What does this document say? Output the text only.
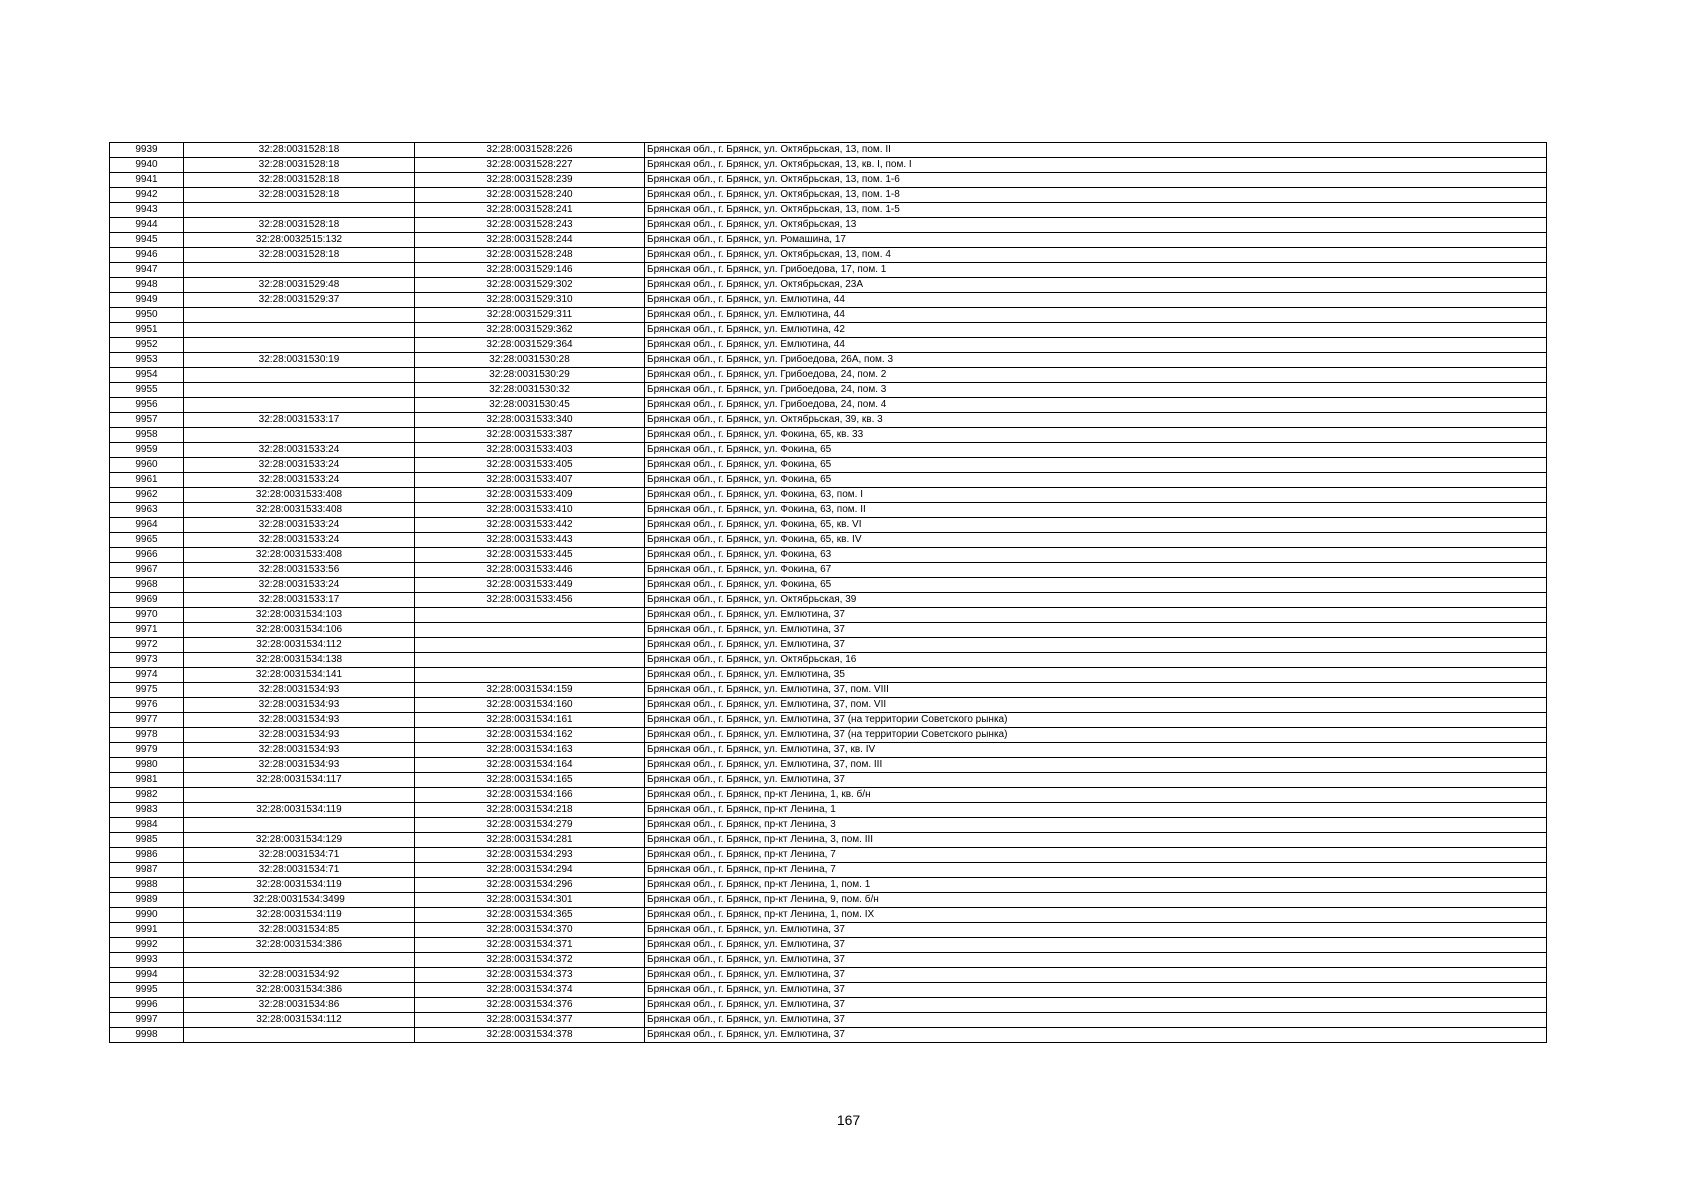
9939	32:28:0031528:18	32:28:0031528:226	Брянская обл., г. Брянск, ул. Октябрьская, 13, пом. II
9940	32:28:0031528:18	32:28:0031528:227	Брянская обл., г. Брянск, ул. Октябрьская, 13, кв. I, пом. I
9941	32:28:0031528:18	32:28:0031528:239	Брянская обл., г. Брянск, ул. Октябрьская, 13, пом. 1-6
9942	32:28:0031528:18	32:28:0031528:240	Брянская обл., г. Брянск, ул. Октябрьская, 13, пом. 1-8
9943		32:28:0031528:241	Брянская обл., г. Брянск, ул. Октябрьская, 13, пом. 1-5
9944	32:28:0031528:18	32:28:0031528:243	Брянская обл., г. Брянск, ул. Октябрьская, 13
9945	32:28:0032515:132	32:28:0031528:244	Брянская обл., г. Брянск, ул. Ромашина, 17
9946	32:28:0031528:18	32:28:0031528:248	Брянская обл., г. Брянск, ул. Октябрьская, 13, пом. 4
9947		32:28:0031529:146	Брянская обл., г. Брянск, ул. Грибоедова, 17, пом. 1
9948	32:28:0031529:48	32:28:0031529:302	Брянская обл., г. Брянск, ул. Октябрьская, 23А
9949	32:28:0031529:37	32:28:0031529:310	Брянская обл., г. Брянск, ул. Емлютина, 44
9950		32:28:0031529:311	Брянская обл., г. Брянск, ул. Емлютина, 44
9951		32:28:0031529:362	Брянская обл., г. Брянск, ул. Емлютина, 42
9952		32:28:0031529:364	Брянская обл., г. Брянск, ул. Емлютина, 44
9953	32:28:0031530:19	32:28:0031530:28	Брянская обл., г. Брянск, ул. Грибоедова, 26А, пом. 3
9954		32:28:0031530:29	Брянская обл., г. Брянск, ул. Грибоедова, 24, пом. 2
9955		32:28:0031530:32	Брянская обл., г. Брянск, ул. Грибоедова, 24, пом. 3
9956		32:28:0031530:45	Брянская обл., г. Брянск, ул. Грибоедова, 24, пом. 4
9957	32:28:0031533:17	32:28:0031533:340	Брянская обл., г. Брянск, ул. Октябрьская, 39, кв. 3
9958		32:28:0031533:387	Брянская обл., г. Брянск, ул. Фокина, 65, кв. 33
9959	32:28:0031533:24	32:28:0031533:403	Брянская обл., г. Брянск, ул. Фокина, 65
9960	32:28:0031533:24	32:28:0031533:405	Брянская обл., г. Брянск, ул. Фокина, 65
9961	32:28:0031533:24	32:28:0031533:407	Брянская обл., г. Брянск, ул. Фокина, 65
9962	32:28:0031533:408	32:28:0031533:409	Брянская обл., г. Брянск, ул. Фокина, 63, пом. I
9963	32:28:0031533:408	32:28:0031533:410	Брянская обл., г. Брянск, ул. Фокина, 63, пом. II
9964	32:28:0031533:24	32:28:0031533:442	Брянская обл., г. Брянск, ул. Фокина, 65, кв. VI
9965	32:28:0031533:24	32:28:0031533:443	Брянская обл., г. Брянск, ул. Фокина, 65, кв. IV
9966	32:28:0031533:408	32:28:0031533:445	Брянская обл., г. Брянск, ул. Фокина, 63
9967	32:28:0031533:56	32:28:0031533:446	Брянская обл., г. Брянск, ул. Фокина, 67
9968	32:28:0031533:24	32:28:0031533:449	Брянская обл., г. Брянск, ул. Фокина, 65
9969	32:28:0031533:17	32:28:0031533:456	Брянская обл., г. Брянск, ул. Октябрьская, 39
9970	32:28:0031534:103		Брянская обл., г. Брянск, ул. Емлютина, 37
9971	32:28:0031534:106		Брянская обл., г. Брянск, ул. Емлютина, 37
9972	32:28:0031534:112		Брянская обл., г. Брянск, ул. Емлютина, 37
9973	32:28:0031534:138		Брянская обл., г. Брянск, ул. Октябрьская, 16
9974	32:28:0031534:141		Брянская обл., г. Брянск, ул. Емлютина, 35
9975	32:28:0031534:93	32:28:0031534:159	Брянская обл., г. Брянск, ул. Емлютина, 37, пом. VIII
9976	32:28:0031534:93	32:28:0031534:160	Брянская обл., г. Брянск, ул. Емлютина, 37, пом. VII
9977	32:28:0031534:93	32:28:0031534:161	Брянская обл., г. Брянск, ул. Емлютина, 37 (на территории Советского рынка)
9978	32:28:0031534:93	32:28:0031534:162	Брянская обл., г. Брянск, ул. Емлютина, 37 (на территории Советского рынка)
9979	32:28:0031534:93	32:28:0031534:163	Брянская обл., г. Брянск, ул. Емлютина, 37, кв. IV
9980	32:28:0031534:93	32:28:0031534:164	Брянская обл., г. Брянск, ул. Емлютина, 37, пом. III
9981	32:28:0031534:117	32:28:0031534:165	Брянская обл., г. Брянск, ул. Емлютина, 37
9982		32:28:0031534:166	Брянская обл., г. Брянск, пр-кт Ленина, 1, кв. б/н
9983	32:28:0031534:119	32:28:0031534:218	Брянская обл., г. Брянск, пр-кт Ленина, 1
9984		32:28:0031534:279	Брянская обл., г. Брянск, пр-кт Ленина, 3
9985	32:28:0031534:129	32:28:0031534:281	Брянская обл., г. Брянск, пр-кт Ленина, 3, пом. III
9986	32:28:0031534:71	32:28:0031534:293	Брянская обл., г. Брянск, пр-кт Ленина, 7
9987	32:28:0031534:71	32:28:0031534:294	Брянская обл., г. Брянск, пр-кт Ленина, 7
9988	32:28:0031534:119	32:28:0031534:296	Брянская обл., г. Брянск, пр-кт Ленина, 1, пом. 1
9989	32:28:0031534:3499	32:28:0031534:301	Брянская обл., г. Брянск, пр-кт Ленина, 9, пом. б/н
9990	32:28:0031534:119	32:28:0031534:365	Брянская обл., г. Брянск, пр-кт Ленина, 1, пом. IX
9991	32:28:0031534:85	32:28:0031534:370	Брянская обл., г. Брянск, ул. Емлютина, 37
9992	32:28:0031534:386	32:28:0031534:371	Брянская обл., г. Брянск, ул. Емлютина, 37
9993		32:28:0031534:372	Брянская обл., г. Брянск, ул. Емлютина, 37
9994	32:28:0031534:92	32:28:0031534:373	Брянская обл., г. Брянск, ул. Емлютина, 37
9995	32:28:0031534:386	32:28:0031534:374	Брянская обл., г. Брянск, ул. Емлютина, 37
9996	32:28:0031534:86	32:28:0031534:376	Брянская обл., г. Брянск, ул. Емлютина, 37
9997	32:28:0031534:112	32:28:0031534:377	Брянская обл., г. Брянск, ул. Емлютина, 37
9998		32:28:0031534:378	Брянская обл., г. Брянск, ул. Емлютина, 37
167
